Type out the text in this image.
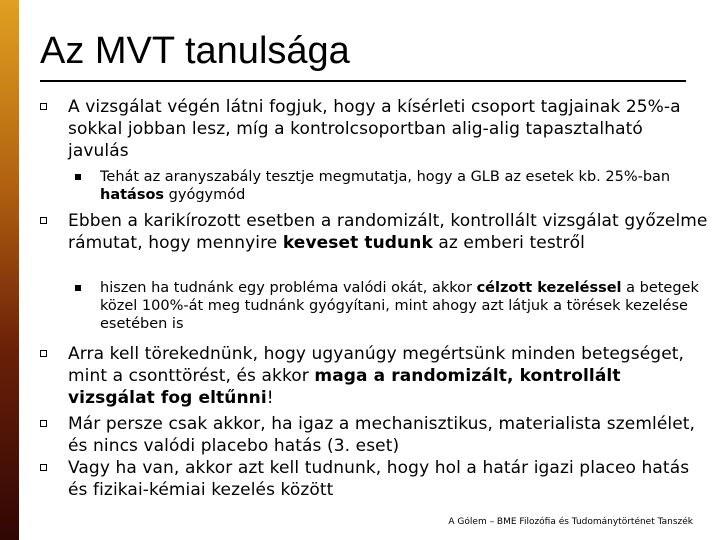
Az MVT tanulsága
A vizsgálat végén látni fogjuk, hogy a kísérleti csoport tagjainak 25%-a sokkal jobban lesz, míg a kontrolcsoportban alig-alig tapasztalható javulás
Tehát az aranyszabály tesztje megmutatja, hogy a GLB az esetek kb. 25%-ban hatásos gyógymód
Ebben a karikírozott esetben a randomizált, kontrollált vizsgálat győzelme rámutat, hogy mennyire keveset tudunk az emberi testről
hiszen ha tudnánk egy probléma valódi okát, akkor célzott kezeléssel a betegek közel 100%-át meg tudnánk gyógyítani, mint ahogy azt látjuk a törések kezelése esetében is
Arra kell törekednünk, hogy ugyanúgy megértsünk minden betegséget, mint a csonttörést, és akkor maga a randomizált, kontrollált vizsgálat fog eltűnni!
Már persze csak akkor, ha igaz a mechanisztikus, materialista szemlélet, és nincs valódi placebo hatás (3. eset)
Vagy ha van, akkor azt kell tudnunk, hogy hol a határ igazi placeo hatás és fizikai-kémiai kezelés között
A Gólem – BME Filozófia és Tudománytörténet Tanszék
